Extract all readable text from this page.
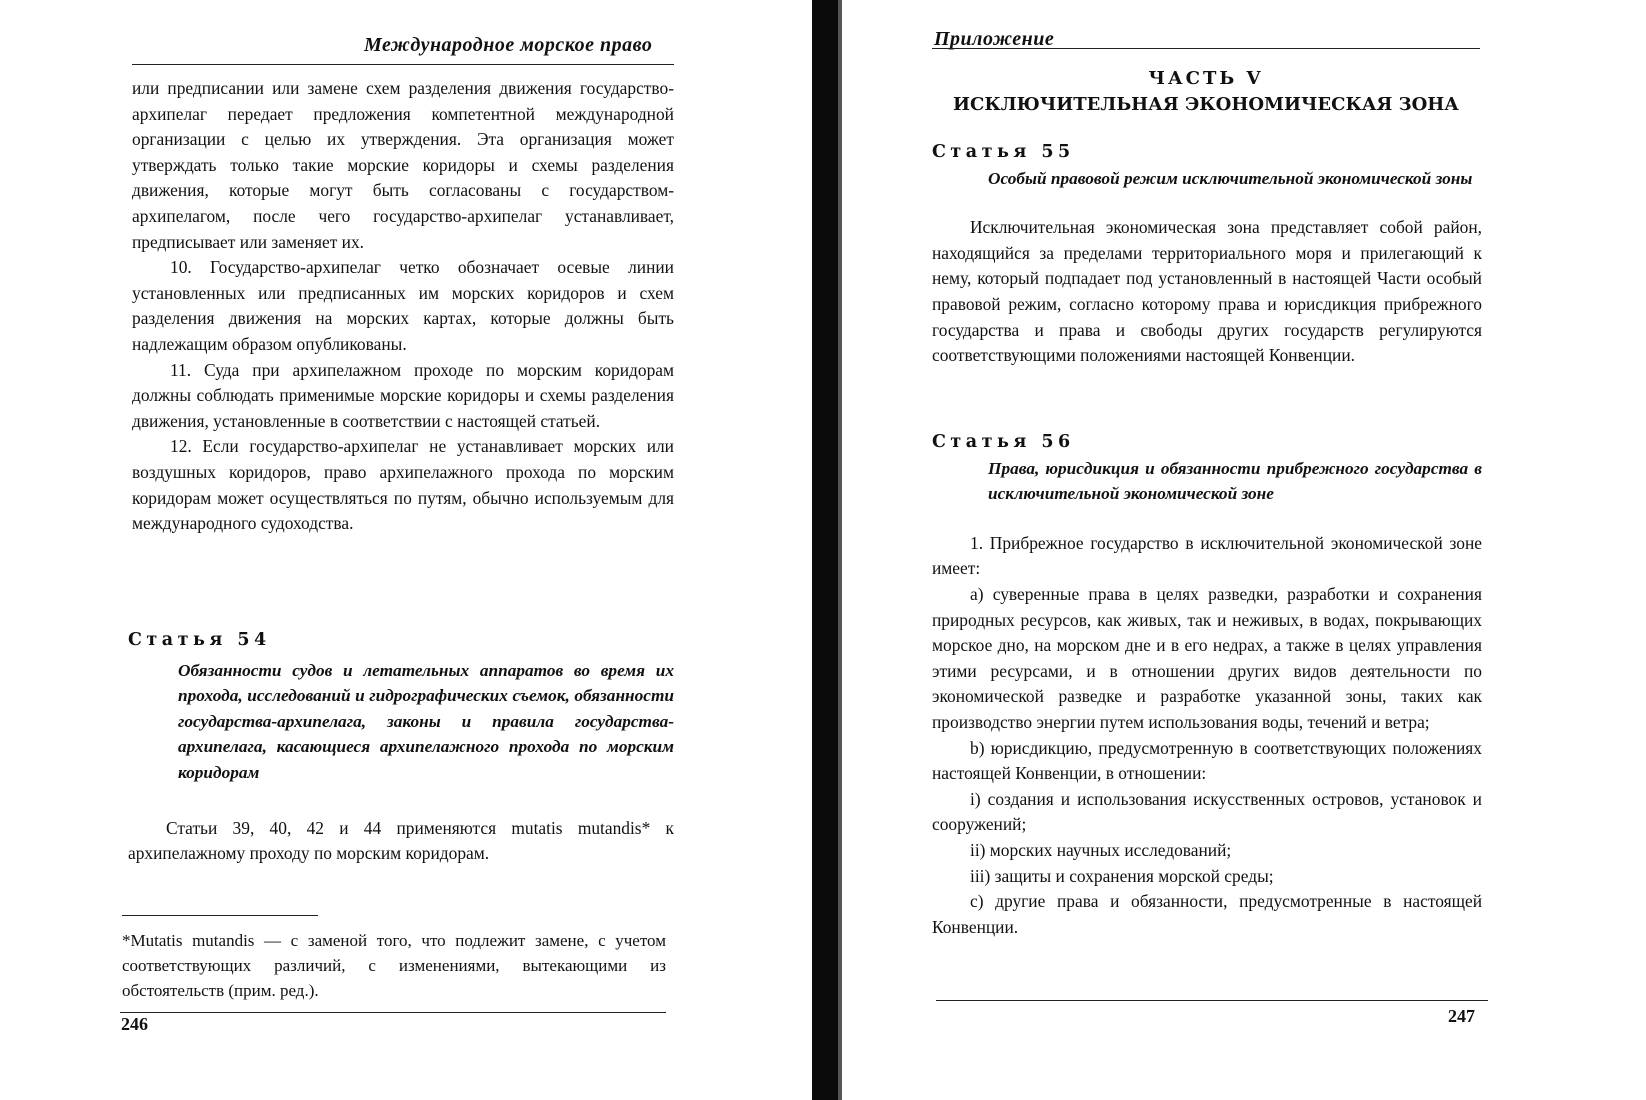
Международное морское право

или предписании или замене схем разделения движения государство-архипелаг передает предложения компетентной международной организации с целью их утверждения. Эта организация может утверждать только такие морские коридоры и схемы разделения движения, которые могут быть согласованы с государством-архипелагом, после чего государство-архипелаг устанавливает, предписывает или заменяет их.

10. Государство-архипелаг четко обозначает осевые линии установленных или предписанных им морских коридоров и схем разделения движения на морских картах, которые должны быть надлежащим образом опубликованы.

11. Суда при архипелажном проходе по морским коридорам должны соблюдать применимые морские коридоры и схемы разделения движения, установленные в соответствии с настоящей статьей.

12. Если государство-архипелаг не устанавливает морских или воздушных коридоров, право архипелажного прохода по морским коридорам может осуществляться по путям, обычно используемым для международного судоходства.

Статья 54

Обязанности судов и летательных аппаратов во время их прохода, исследований и гидрографических съемок, обязанности государства-архипелага, законы и правила государства- архипелага, касающиеся архипелажного прохода по морским коридорам

Статьи 39, 40, 42 и 44 применяются mutatis mutandis* к архипелажному проходу по морским коридорам.

*Mutatis mutandis — с заменой того, что подлежит замене, с учетом соответствующих различий, с изменениями, вытекающими из обстоятельств (прим. ред.).

246
Приложение
ЧАСТЬ V
ИСКЛЮЧИТЕЛЬНАЯ ЭКОНОМИЧЕСКАЯ ЗОНА

Статья 55

Особый правовой режим исключительной экономической зоны

Исключительная экономическая зона представляет собой район, находящийся за пределами территориального моря и прилегающий к нему, который подпадает под установленный в настоящей Части особый правовой режим, согласно которому права и юрисдикция прибрежного государства и права и свободы других государств регулируются соответствующими положениями настоящей Конвенции.

Статья 56

Права, юрисдикция и обязанности прибрежного государства в исключительной экономической зоне

1. Прибрежное государство в исключительной экономической зоне имеет:

a) суверенные права в целях разведки, разработки и сохранения природных ресурсов, как живых, так и неживых, в водах, покрывающих морское дно, на морском дне и в его недрах, а также в целях управления этими ресурсами, и в отношении других видов деятельности по экономической разведке и разработке указанной зоны, таких как производство энергии путем использования воды, течений и ветра;

b) юрисдикцию, предусмотренную в соответствующих положениях настоящей Конвенции, в отношении:

i) создания и использования искусственных островов, установок и сооружений;

ii) морских научных исследований;

iii) защиты и сохранения морской среды;

c) другие права и обязанности, предусмотренные в настоящей Конвенции.

247
